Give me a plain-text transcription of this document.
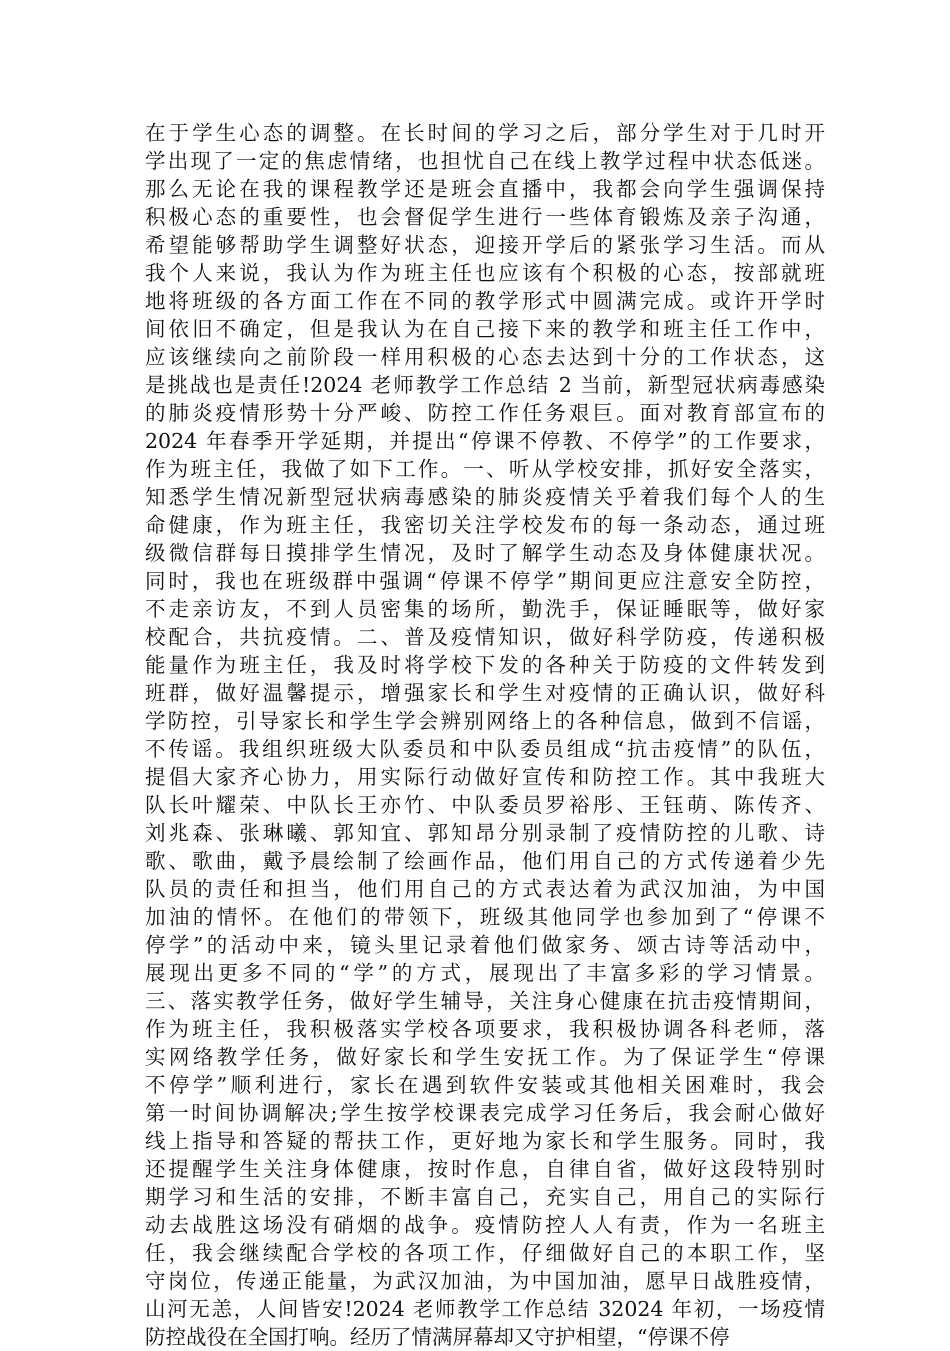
在于学生心态的调整。在长时间的学习之后，部分学生对于几时开
学出现了一定的焦虑情绪，也担忧自己在线上教学过程中状态低迷。
那么无论在我的课程教学还是班会直播中，我都会向学生强调保持
积极心态的重要性，也会督促学生进行一些体育锻炼及亲子沟通，
希望能够帮助学生调整好状态，迎接开学后的紧张学习生活。而从
我个人来说，我认为作为班主任也应该有个积极的心态，按部就班
地将班级的各方面工作在不同的教学形式中圆满完成。或许开学时
间依旧不确定，但是我认为在自己接下来的教学和班主任工作中，
应该继续向之前阶段一样用积极的心态去达到十分的工作状态，这
是挑战也是责任!2024 老师教学工作总结 2 当前，新型冠状病毒感染
的肺炎疫情形势十分严峻、防控工作任务艰巨。面对教育部宣布的
2024 年春季开学延期，并提出“停课不停教、不停学”的工作要求，
作为班主任，我做了如下工作。一、听从学校安排，抓好安全落实，
知悉学生情况新型冠状病毒感染的肺炎疫情关乎着我们每个人的生
命健康，作为班主任，我密切关注学校发布的每一条动态，通过班
级微信群每日摸排学生情况，及时了解学生动态及身体健康状况。
同时，我也在班级群中强调“停课不停学”期间更应注意安全防控，
不走亲访友，不到人员密集的场所，勤洗手，保证睡眠等，做好家
校配合，共抗疫情。二、普及疫情知识，做好科学防疫，传递积极
能量作为班主任，我及时将学校下发的各种关于防疫的文件转发到
班群，做好温馨提示，增强家长和学生对疫情的正确认识，做好科
学防控，引导家长和学生学会辨别网络上的各种信息，做到不信谣，
不传谣。我组织班级大队委员和中队委员组成“抗击疫情”的队伍，
提倡大家齐心协力，用实际行动做好宣传和防控工作。其中我班大
队长叶耀荣、中队长王亦竹、中队委员罗裕彤、王钰萌、陈传齐、
刘兆森、张琳曦、郭知宜、郭知昂分别录制了疫情防控的儿歌、诗
歌、歌曲，戴予晨绘制了绘画作品，他们用自己的方式传递着少先
队员的责任和担当，他们用自己的方式表达着为武汉加油，为中国
加油的情怀。在他们的带领下，班级其他同学也参加到了“停课不
停学”的活动中来，镜头里记录着他们做家务、颂古诗等活动中，
展现出更多不同的“学”的方式，展现出了丰富多彩的学习情景。
三、落实教学任务，做好学生辅导，关注身心健康在抗击疫情期间，
作为班主任，我积极落实学校各项要求，我积极协调各科老师，落
实网络教学任务，做好家长和学生安抚工作。为了保证学生“停课
不停学”顺利进行，家长在遇到软件安装或其他相关困难时，我会
第一时间协调解决;学生按学校课表完成学习任务后，我会耐心做好
线上指导和答疑的帮扶工作，更好地为家长和学生服务。同时，我
还提醒学生关注身体健康，按时作息，自律自省，做好这段特别时
期学习和生活的安排，不断丰富自己，充实自己，用自己的实际行
动去战胜这场没有硝烟的战争。疫情防控人人有责，作为一名班主
任，我会继续配合学校的各项工作，仔细做好自己的本职工作，坚
守岗位，传递正能量，为武汉加油，为中国加油，愿早日战胜疫情，
山河无恙，人间皆安!2024 老师教学工作总结 32024 年初，一场疫情
防控战役在全国打响。经历了情满屏幕却又守护相望，“停课不停
